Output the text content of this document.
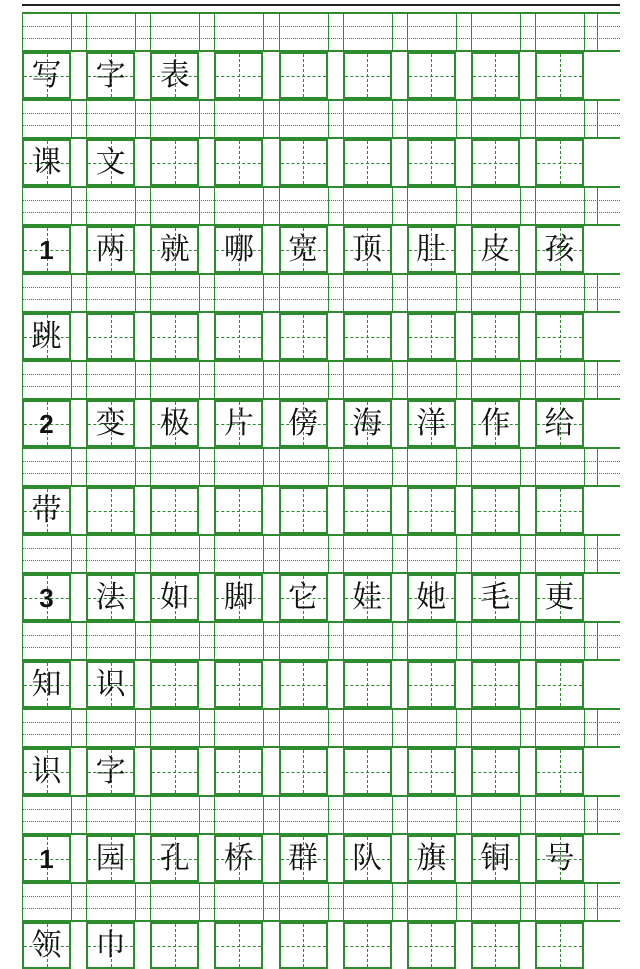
写 字 表
课 文
1	两 就 哪 宽 顶 肚 皮 孩
跳
2	变 极 片 傍 海 洋 作 给
带
3	法 如 脚 它 娃 她 毛 更
知 识
识 字
1	园 孔 桥 群 队 旗 铜 号
领 巾
